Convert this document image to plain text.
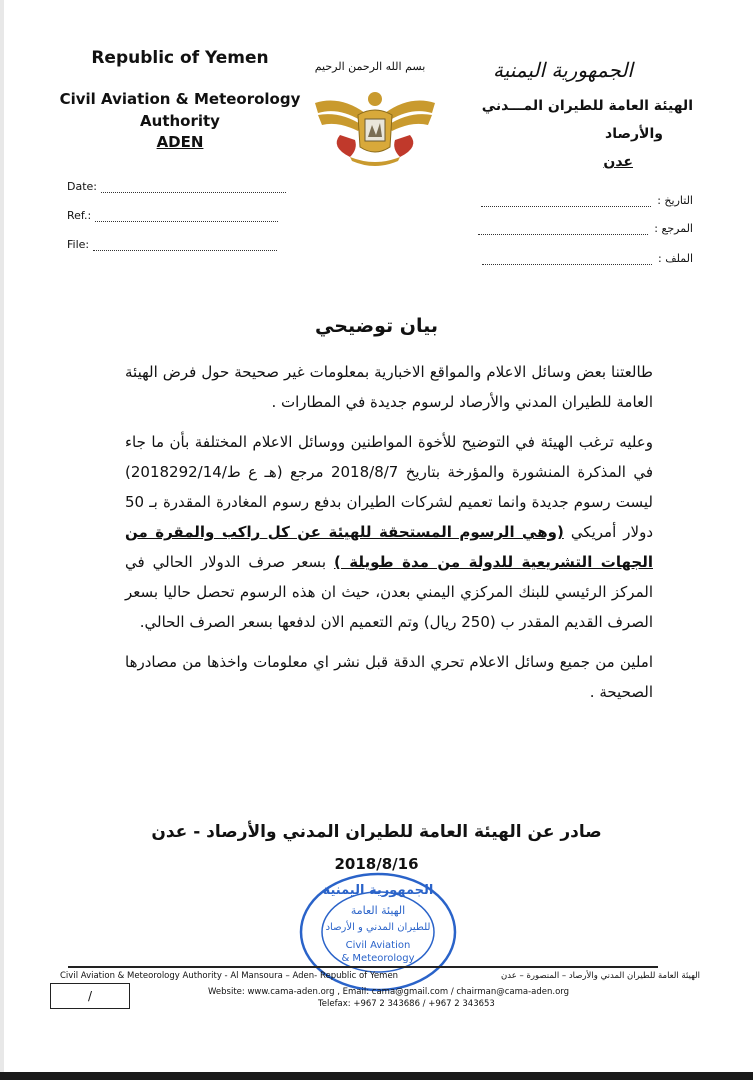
Republic of Yemen
Civil Aviation & Meteorology
Authority
ADEN
بسم الله الرحمن الرحيم	الجمهورية اليمنية
الهيئة العامة للطيران المـــدني
والأرصاد
عدن
Date:
Ref.:
File:
التاريخ :
المرجع :
الملف :
بيان توضيحي

طالعتنا بعض وسائل الاعلام والمواقع الاخبارية بمعلومات غير صحيحة حول فرض الهيئة العامة للطيران المدني والأرصاد لرسوم جديدة في المطارات .

وعليه ترغب الهيئة في التوضيح للأخوة المواطنين ووسائل الاعلام المختلفة بأن ما جاء في المذكرة المنشورة والمؤرخة بتاريخ 2018/8/7 مرجع (هـ ع ط/2018292/14) ليست رسوم جديدة وانما تعميم لشركات الطيران بدفع رسوم المغادرة المقدرة بـ 50 دولار أمريكي (وهي الرسوم المستحقة للهيئة عن كل راكب والمقرة من الجهات التشريعية للدولة من مدة طويلة ) بسعر صرف الدولار الحالي في المركز الرئيسي للبنك المركزي اليمني بعدن، حيث ان هذه الرسوم تحصل حاليا بسعر الصرف القديم المقدر ب (250 ريال) وتم التعميم الان لدفعها بسعر الصرف الحالي.

املين من جميع وسائل الاعلام تحري الدقة قبل نشر اي معلومات واخذها من مصادرها الصحيحة .

صادر عن الهيئة العامة للطيران المدني والأرصاد - عدن
2018/8/16
الجمهورية اليمنية
الهيئة العامة
للطيران المدني و الأرصاد
Civil Aviation
& Meteorology
Civil Aviation & Meteorology Authority - Al Mansoura – Aden- Republic of Yemen	الهيئة العامة للطيران المدني والأرصاد – المنصورة – عدن
Website: www.cama-aden.org , Email: cama@gmail.com / chairman@cama-aden.org
Telefax: +967 2 343686 / +967 2 343653
/
